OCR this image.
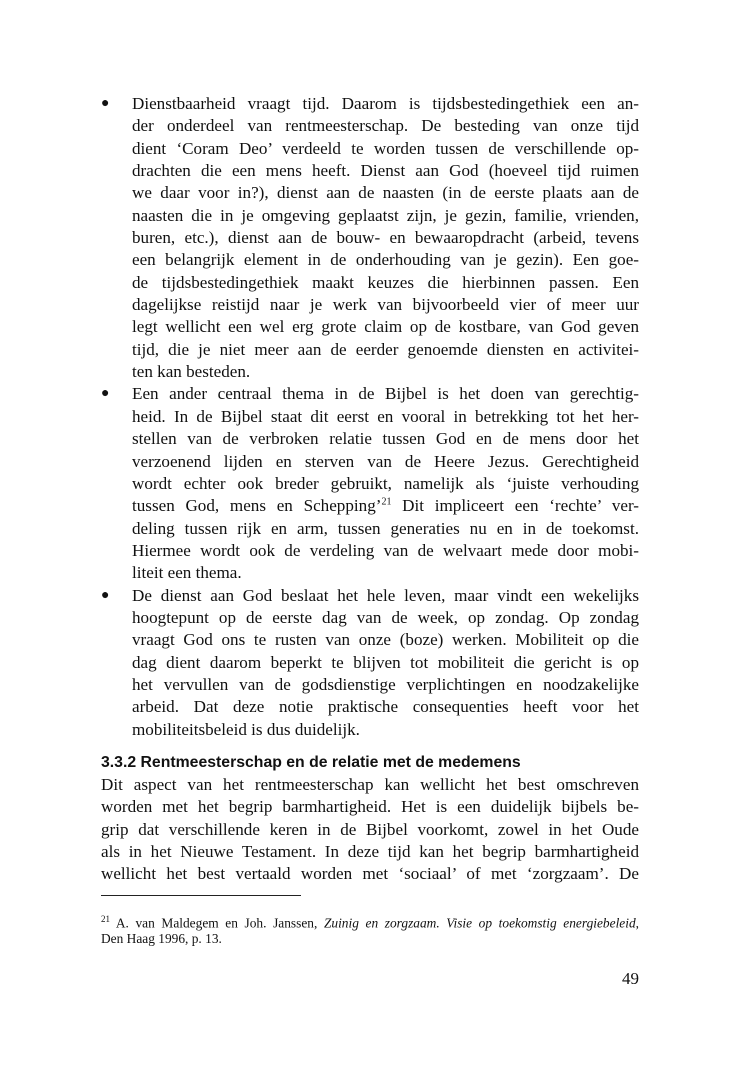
● Dienstbaarheid vraagt tijd. Daarom is tijdsbestedingethiek een an-
der onderdeel van rentmeesterschap. De besteding van onze tijd
dient ‘Coram Deo’ verdeeld te worden tussen de verschillende op-
drachten die een mens heeft. Dienst aan God (hoeveel tijd ruimen
we daar voor in?), dienst aan de naasten (in de eerste plaats aan de
naasten die in je omgeving geplaatst zijn, je gezin, familie, vrienden,
buren, etc.), dienst aan de bouw- en bewaaropdracht (arbeid, tevens
een belangrijk element in de onderhouding van je gezin). Een goe-
de tijdsbestedingethiek maakt keuzes die hierbinnen passen. Een
dagelijkse reistijd naar je werk van bijvoorbeeld vier of meer uur
legt wellicht een wel erg grote claim op de kostbare, van God geven
tijd, die je niet meer aan de eerder genoemde diensten en activitei-
ten kan besteden.
● Een ander centraal thema in de Bijbel is het doen van gerechtig-
heid. In de Bijbel staat dit eerst en vooral in betrekking tot het her-
stellen van de verbroken relatie tussen God en de mens door het
verzoenend lijden en sterven van de Heere Jezus. Gerechtigheid
wordt echter ook breder gebruikt, namelijk als ‘juiste verhouding
tussen God, mens en Schepping’$^{21}$ Dit impliceert een ‘rechte’ ver-
deling tussen rijk en arm, tussen generaties nu en in de toekomst.
Hiermee wordt ook de verdeling van de welvaart mede door mobi-
liteit een thema.
● De dienst aan God beslaat het hele leven, maar vindt een wekelijks
hoogtepunt op de eerste dag van de week, op zondag. Op zondag
vraagt God ons te rusten van onze (boze) werken. Mobiliteit op die
dag dient daarom beperkt te blijven tot mobiliteit die gericht is op
het vervullen van de godsdienstige verplichtingen en noodzakelijke
arbeid. Dat deze notie praktische consequenties heeft voor het
mobiliteitsbeleid is dus duidelijk.
3.3.2 Rentmeesterschap en de relatie met de medemens
Dit aspect van het rentmeesterschap kan wellicht het best omschreven
worden met het begrip barmhartigheid. Het is een duidelijk bijbels be-
grip dat verschillende keren in de Bijbel voorkomt, zowel in het Oude
als in het Nieuwe Testament. In deze tijd kan het begrip barmhartigheid
wellicht het best vertaald worden met ‘sociaal’ of met ‘zorgzaam’. De
$^{21}$ A. van Maldegem en Joh. Janssen, Zuinig en zorgzaam. Visie op toekomstig energiebeleid,
Den Haag 1996, p. 13.
49
